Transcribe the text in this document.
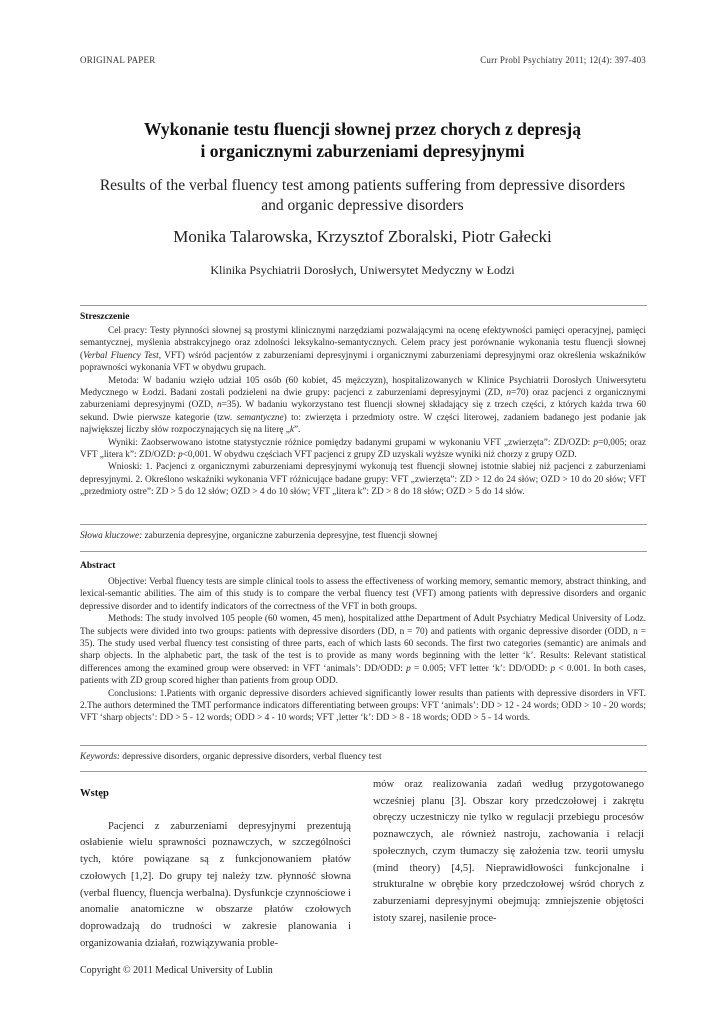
ORIGINAL PAPER	Curr Probl Psychiatry 2011; 12(4): 397-403
Wykonanie testu fluencji słownej przez chorych z depresją
i organicznymi zaburzeniami depresyjnymi
Results of the verbal fluency test among patients suffering from depressive disorders
and organic depressive disorders
Monika Talarowska, Krzysztof Zboralski, Piotr Gałecki
Klinika Psychiatrii Dorosłych, Uniwersytet Medyczny w Łodzi
Streszczenie

Cel pracy: Testy płynności słownej są prostymi klinicznymi narzędziami pozwalającymi na ocenę efektywności pamięci operacyjnej, pamięci semantycznej, myślenia abstrakcyjnego oraz zdolności leksykalno-semantycznych. Celem pracy jest porównanie wykonania testu fluencji słownej (Verbal Fluency Test, VFT) wśród pacjentów z zaburzeniami depresyjnymi i organicznymi zaburzeniami depresyjnymi oraz określenia wskaźników poprawności wykonania VFT w obydwu grupach.

Metoda: W badaniu wzięło udział 105 osób (60 kobiet, 45 mężczyzn), hospitalizowanych w Klinice Psychiatrii Dorosłych Uniwersytetu Medycznego w Łodzi. Badani zostali podzieleni na dwie grupy: pacjenci z zaburzeniami depresyjnymi (ZD, n=70) oraz pacjenci z organicznymi zaburzeniami depresyjnymi (OZD, n=35). W badaniu wykorzystano test fluencji słownej składający się z trzech części, z których każda trwa 60 sekund. Dwie pierwsze kategorie (tzw. semantyczne) to: zwierzęta i przedmioty ostre. W części literowej, zadaniem badanego jest podanie jak największej liczby słów rozpoczynających się na literę „k”.

Wyniki: Zaobserwowano istotne statystycznie różnice pomiędzy badanymi grupami w wykonaniu VFT „zwierzęta”: ZD/OZD: p=0,005; oraz VFT „litera k”: ZD/OZD: p<0,001. W obydwu częściach VFT pacjenci z grupy ZD uzyskali wyższe wyniki niż chorzy z grupy OZD.

Wnioski: 1. Pacjenci z organicznymi zaburzeniami depresyjnymi wykonują test fluencji słownej istotnie słabiej niż pacjenci z zaburzeniami depresyjnymi. 2. Określono wskaźniki wykonania VFT różnicujące badane grupy: VFT „zwierzęta”: ZD > 12 do 24 słów; OZD > 10 do 20 słów; VFT „przedmioty ostre”: ZD > 5 do 12 słów; OZD > 4 do 10 słów; VFT „litera k”: ZD > 8 do 18 słów; OZD > 5 do 14 słów.

Słowa kluczowe: zaburzenia depresyjne, organiczne zaburzenia depresyjne, test fluencji słownej
Abstract

Objective: Verbal fluency tests are simple clinical tools to assess the effectiveness of working memory, semantic memory, abstract thinking, and lexical-semantic abilities. The aim of this study is to compare the verbal fluency test (VFT) among patients with depressive disorders and organic depressive disorder and to identify indicators of the correctness of the VFT in both groups.

Methods: The study involved 105 people (60 women, 45 men), hospitalized atthe Department of Adult Psychiatry Medical University of Lodz. The subjects were divided into two groups: patients with depressive disorders (DD, n = 70) and patients with organic depressive disorder (ODD, n = 35). The study used verbal fluency test consisting of three parts, each of which lasts 60 seconds. The first two categories (semantic) are animals and sharp objects. In the alphabetic part, the task of the test is to provide as many words beginning with the letter ‘k’. Results: Relevant statistical differences among the examined group were observed: in VFT ‘animals’: DD/ODD: p = 0.005; VFT letter ‘k’: DD/ODD: p < 0.001. In both cases, patients with ZD group scored higher than patients from group ODD.

Conclusions: 1.Patients with organic depressive disorders achieved significantly lower results than patients with depressive disorders in VFT. 2.The authors determined the TMT performance indicators differentiating between groups: VFT ‘animals’: DD > 12 - 24 words; ODD > 10 - 20 words; VFT ‘sharp objects’: DD > 5 - 12 words; ODD > 4 - 10 words; VFT ‚letter ‘k’: DD > 8 - 18 words; ODD > 5 - 14 words.

Keywords: depressive disorders, organic depressive disorders, verbal fluency test

Wstęp

Pacjenci z zaburzeniami depresyjnymi prezentują osłabienie wielu sprawności poznawczych, w szczególności tych, które powiązane są z funkcjonowaniem płatów czołowych [1,2]. Do grupy tej należy tzw. płynność słowna (verbal fluency, fluencja werbalna). Dysfunkcje czynnościowe i anomalie anatomiczne w obszarze płatów czołowych doprowadzają do trudności w zakresie planowania i organizowania działań, rozwiązywania proble-

mów oraz realizowania zadań według przygotowanego wcześniej planu [3]. Obszar kory przedczołowej i zakrętu obręczy uczestniczy nie tylko w regulacji przebiegu procesów poznawczych, ale również nastroju, zachowania i relacji społecznych, czym tłumaczy się założenia tzw. teorii umysłu (mind theory) [4,5]. Nieprawidłowości funkcjonalne i strukturalne w obrębie kory przedczołowej wśród chorych z zaburzeniami depresyjnymi obejmują: zmniejszenie objętości istoty szarej, nasilenie proce-

Copyright © 2011 Medical University of Lublin
